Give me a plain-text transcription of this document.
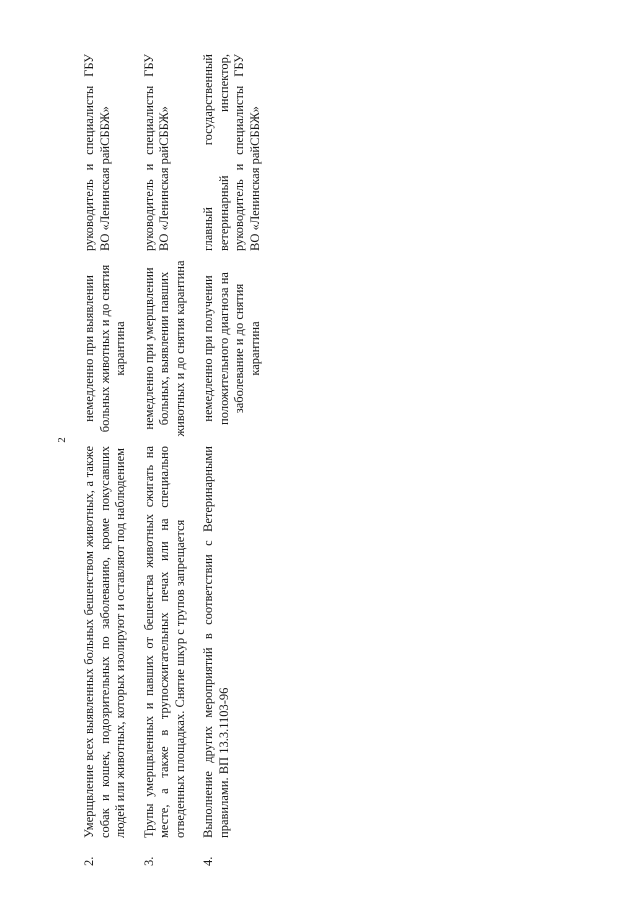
2
2.	Умерщвление всех выявленных больных бешенством животных, а также собак и кошек, подозрительных по заболеванию, кроме покусавших людей или животных, которых изолируют и оставляют под наблюдением	немедленно при выявлении больных животных и до снятия карантина	руководитель и специалисты ГБУ ВО «Ленинская райСББЖ»
3.	Трупы умерщвленных и павших от бешенства животных сжигать на месте, а также в трупосжигательных печах или на специально отведенных площадках. Снятие шкур с трупов запрещается	немедленно при умерщвлении больных, выявлении павших животных и до снятия карантина	руководитель и специалисты ГБУ ВО «Ленинская райСББЖ»
4.	Выполнение других мероприятий в соответствии с Ветеринарными правилами. ВП 13.3.1103-96	немедленно при получении положительного диагноза на заболевание и до снятия карантина	главный государственный ветеринарный инспектор, руководитель и специалисты ГБУ ВО «Ленинская райСББЖ»
